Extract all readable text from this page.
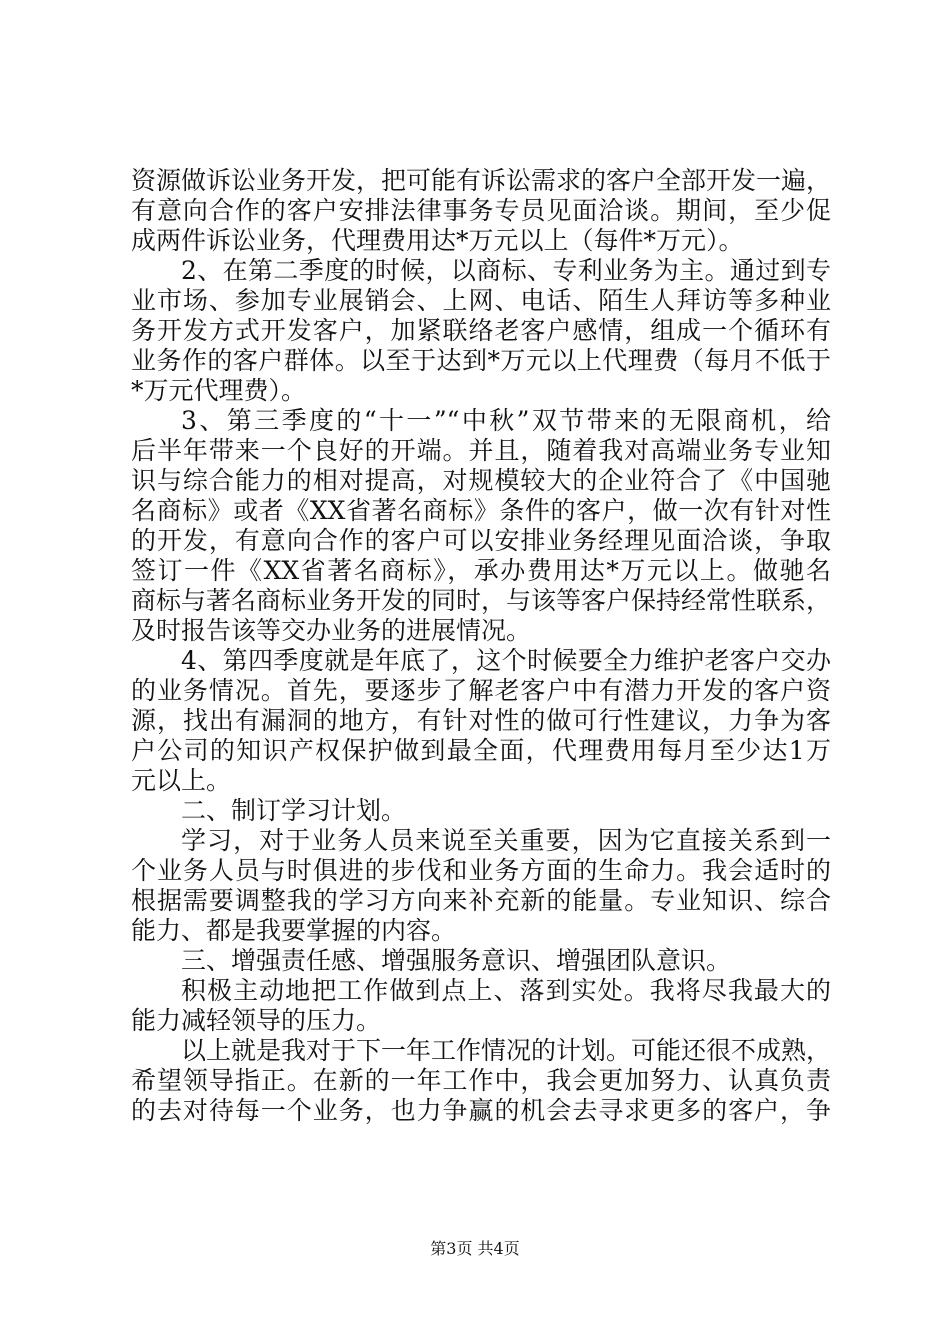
资源做诉讼业务开发，把可能有诉讼需求的客户全部开发一遍，
有意向合作的客户安排法律事务专员见面洽谈。期间，至少促
成两件诉讼业务，代理费用达*万元以上（每件*万元）。
2、在第二季度的时候，以商标、专利业务为主。通过到专
业市场、参加专业展销会、上网、电话、陌生人拜访等多种业
务开发方式开发客户，加紧联络老客户感情，组成一个循环有
业务作的客户群体。以至于达到*万元以上代理费（每月不低于
*万元代理费）。
3、第三季度的“十一”“中秋”双节带来的无限商机，给
后半年带来一个良好的开端。并且，随着我对高端业务专业知
识与综合能力的相对提高，对规模较大的企业符合了《中国驰
名商标》或者《XX省著名商标》条件的客户，做一次有针对性
的开发，有意向合作的客户可以安排业务经理见面洽谈，争取
签订一件《XX省著名商标》，承办费用达*万元以上。做驰名
商标与著名商标业务开发的同时，与该等客户保持经常性联系，
及时报告该等交办业务的进展情况。
4、第四季度就是年底了，这个时候要全力维护老客户交办
的业务情况。首先，要逐步了解老客户中有潜力开发的客户资
源，找出有漏洞的地方，有针对性的做可行性建议，力争为客
户公司的知识产权保护做到最全面，代理费用每月至少达1万
元以上。
二、制订学习计划。
学习，对于业务人员来说至关重要，因为它直接关系到一
个业务人员与时俱进的步伐和业务方面的生命力。我会适时的
根据需要调整我的学习方向来补充新的能量。专业知识、综合
能力、都是我要掌握的内容。
三、增强责任感、增强服务意识、增强团队意识。
积极主动地把工作做到点上、落到实处。我将尽我最大的
能力减轻领导的压力。
以上就是我对于下一年工作情况的计划。可能还很不成熟，
希望领导指正。在新的一年工作中，我会更加努力、认真负责
的去对待每一个业务，也力争赢的机会去寻求更多的客户，争
第3页 共4页
